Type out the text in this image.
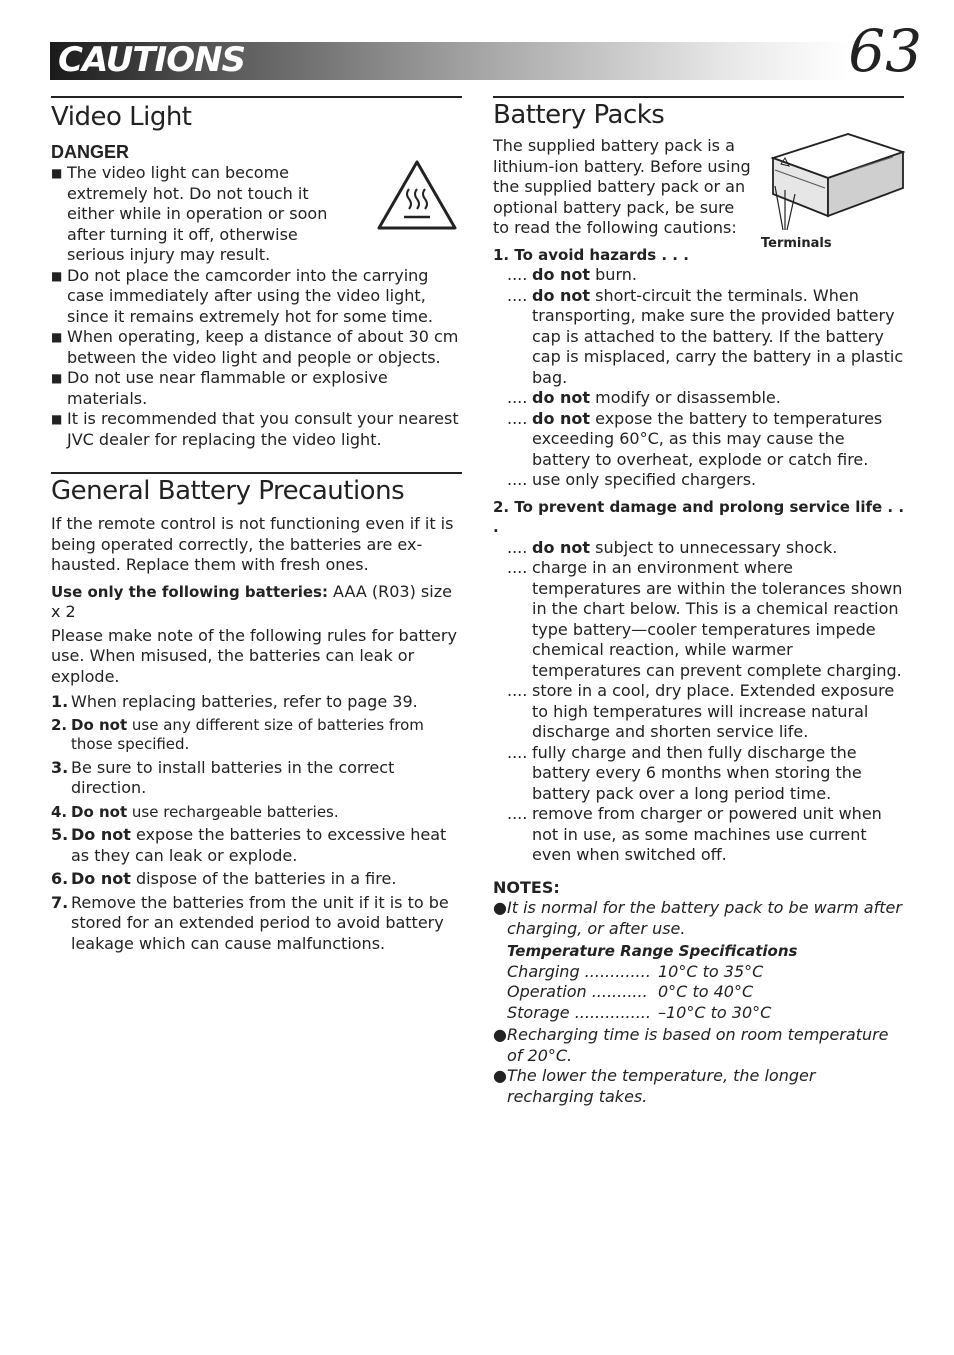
CAUTIONS	63
Video Light
DANGER
■ The video light can become extremely hot. Do not touch it either while in operation or soon after turning it off, otherwise serious injury may result.
■ Do not place the camcorder into the carrying case immediately after using the video light, since it remains extremely hot for some time.
■ When operating, keep a distance of about 30 cm between the video light and people or objects.
■ Do not use near flammable or explosive materials.
■ It is recommended that you consult your nearest JVC dealer for replacing the video light.
General Battery Precautions
If the remote control is not functioning even if it is being operated correctly, the batteries are ex-hausted. Replace them with fresh ones.
Use only the following batteries: AAA (R03) size x 2
Please make note of the following rules for battery use. When misused, the batteries can leak or explode.
1. When replacing batteries, refer to page 39.
2. Do not use any different size of batteries from those specified.
3. Be sure to install batteries in the correct direction.
4. Do not use rechargeable batteries.
5. Do not expose the batteries to excessive heat as they can leak or explode.
6. Do not dispose of the batteries in a fire.
7. Remove the batteries from the unit if it is to be stored for an extended period to avoid battery leakage which can cause malfunctions.
Battery Packs
The supplied battery pack is a lithium-ion battery. Before using the supplied battery pack or an optional battery pack, be sure to read the following cautions:
Terminals
1. To avoid hazards . . .
.... do not burn.
.... do not short-circuit the terminals. When transporting, make sure the provided battery cap is attached to the battery. If the battery cap is misplaced, carry the battery in a plastic bag.
.... do not modify or disassemble.
.... do not expose the battery to temperatures exceeding 60°C, as this may cause the battery to overheat, explode or catch fire.
.... use only specified chargers.
2. To prevent damage and prolong service life . . .
.... do not subject to unnecessary shock.
.... charge in an environment where temperatures are within the tolerances shown in the chart below. This is a chemical reaction type battery—cooler temperatures impede chemical reaction, while warmer temperatures can prevent complete charging.
.... store in a cool, dry place. Extended exposure to high temperatures will increase natural discharge and shorten service life.
.... fully charge and then fully discharge the battery every 6 months when storing the battery pack over a long period time.
.... remove from charger or powered unit when not in use, as some machines use current even when switched off.
NOTES:
● It is normal for the battery pack to be warm after charging, or after use.
Temperature Range Specifications
Charging ............. 10°C to 35°C
Operation ........... 0°C to 40°C
Storage ............... –10°C to 30°C
● Recharging time is based on room temperature of 20°C.
● The lower the temperature, the longer recharging takes.
